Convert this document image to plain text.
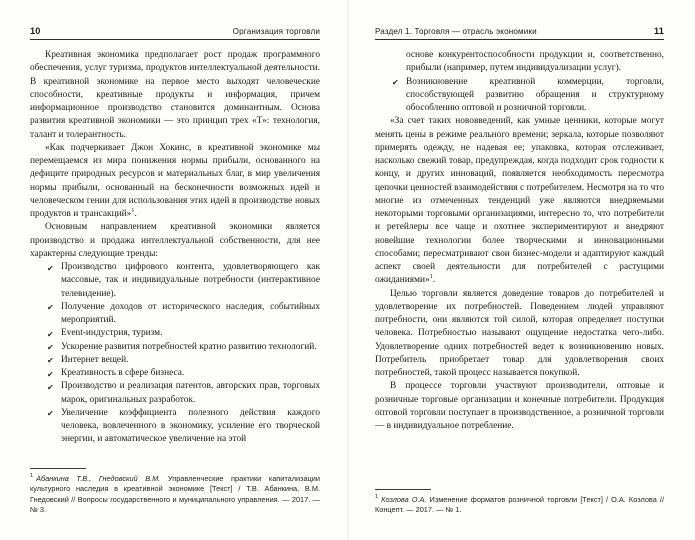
10	Организация торговли

Креативная экономика предполагает рост продаж программного обеспечения, услуг туризма, продуктов интеллектуальной деятельности. В креативной экономике на первое место выходят человеческие способности, креативные продукты и информация, причем информационное производство становится доминантным. Основа развития креативной экономики — это принцип трех «Т»: технология, талант и толерантность.

«Как подчеркивает Джон Хокинс, в креативной экономике мы перемещаемся из мира понижения нормы прибыли, основанного на дефиците природных ресурсов и материальных благ, в мир увеличения нормы прибыли, основанный на бесконечности возможных идей и человеческом гении для использования этих идей в производстве новых продуктов и трансакций»$^1$.

Основным направлением креативной экономики является производство и продажа интеллектуальной собственности, для нее характерны следующие тренды:

✔ Производство цифрового контента, удовлетворяющего как массовые, так и индивидуальные потребности (интерактивное телевидение).
✔ Получение доходов от исторического наследия, событийных мероприятий.
✔ Event-индустрия, туризм.
✔ Ускорение развития потребностей кратно развитию технологий.
✔ Интернет вещей.
✔ Креативность в сфере бизнеса.
✔ Производство и реализация патентов, авторских прав, торговых марок, оригинальных разработок.
✔ Увеличение коэффициента полезного действия каждого человека, вовлеченного в экономику, усиление его творческой энергии, и автоматическое увеличение на этой

$^1$ Абанкина Т.В., Гнедовский В.М. Управленческие практики капитализации культурного наследия в креативной экономике [Текст] / Т.В. Абанкина, В.М. Гнедовский // Вопросы государственного и муниципального управления. — 2017. — № 3.

Раздел 1. Торговля — отрасль экономики	11
основе конкурентоспособности продукции и, соответственно, прибыли (например, путем индивидуализации услуг).
✔ Возникновение креативной коммерции, торговли, способствующей развитию обращения и структурному обособлению оптовой и розничной торговли.

«За счет таких нововведений, как умные ценники, которые могут менять цены в режиме реального времени; зеркала, которые позволяют примерять одежду, не надевая ее; упаковка, которая отслеживает, насколько свежий товар, предупреждая, когда подходит срок годности к концу, и других инноваций, появляется необходимость пересмотра цепочки ценностей взаимодействия с потребителем. Несмотря на то что многие из отмеченных тенденций уже являются внедряемыми некоторыми торговыми организациями, интересно то, что потребители и ретейлеры все чаще и охотнее экспериментируют и внедряют новейшие технологии более творческими и инновационными способами; пересматривают свои бизнес-модели и адаптируют каждый аспект своей деятельности для потребителей с растущими ожиданиями»$^1$.

Целью торговли является доведение товаров до потребителей и удовлетворение их потребностей. Поведением людей управляют потребности, они являются той силой, которая определяет поступки человека. Потребностью называют ощущение недостатка чего-либо. Удовлетворение одних потребностей ведет к возникновению новых. Потребитель приобретает товар для удовлетворения своих потребностей, такой процесс называется покупкой.

В процессе торговли участвуют производители, оптовые и розничные торговые организации и конечные потребители. Продукция оптовой торговли поступает в производственное, а розничной торговли — в индивидуальное потребление.

$^1$ Козлова О.А. Изменение форматов розничной торговли [Текст] / О.А. Козлова // Концепт. — 2017. — № 1.
